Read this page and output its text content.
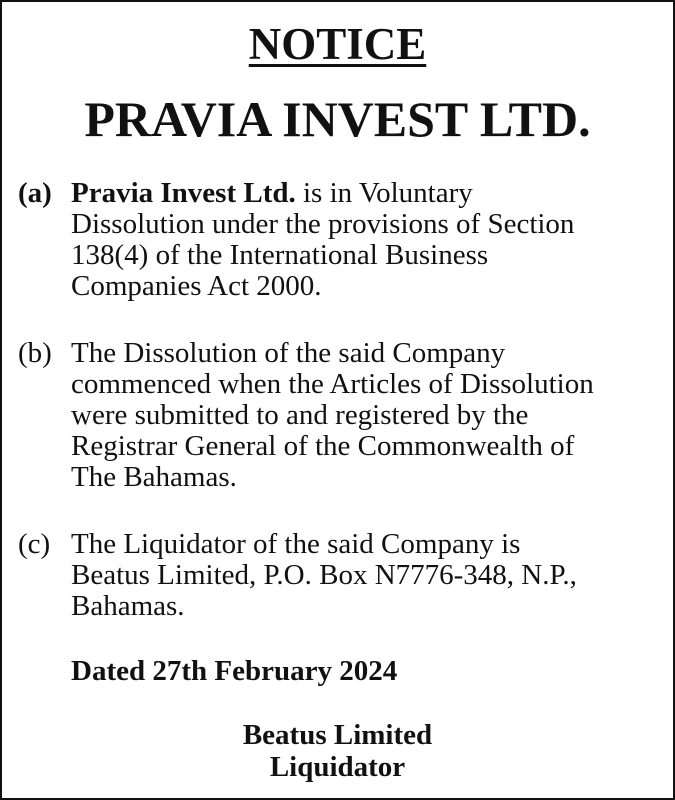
NOTICE
PRAVIA INVEST LTD.
(a) Pravia Invest Ltd. is in Voluntary
Dissolution under the provisions of Section
138(4) of the International Business
Companies Act 2000.
(b) The Dissolution of the said Company
commenced when the Articles of Dissolution
were submitted to and registered by the
Registrar General of the Commonwealth of
The Bahamas.
(c) The Liquidator of the said Company is
Beatus Limited, P.O. Box N7776-348, N.P.,
Bahamas.
Dated 27th February 2024
Beatus Limited
Liquidator
